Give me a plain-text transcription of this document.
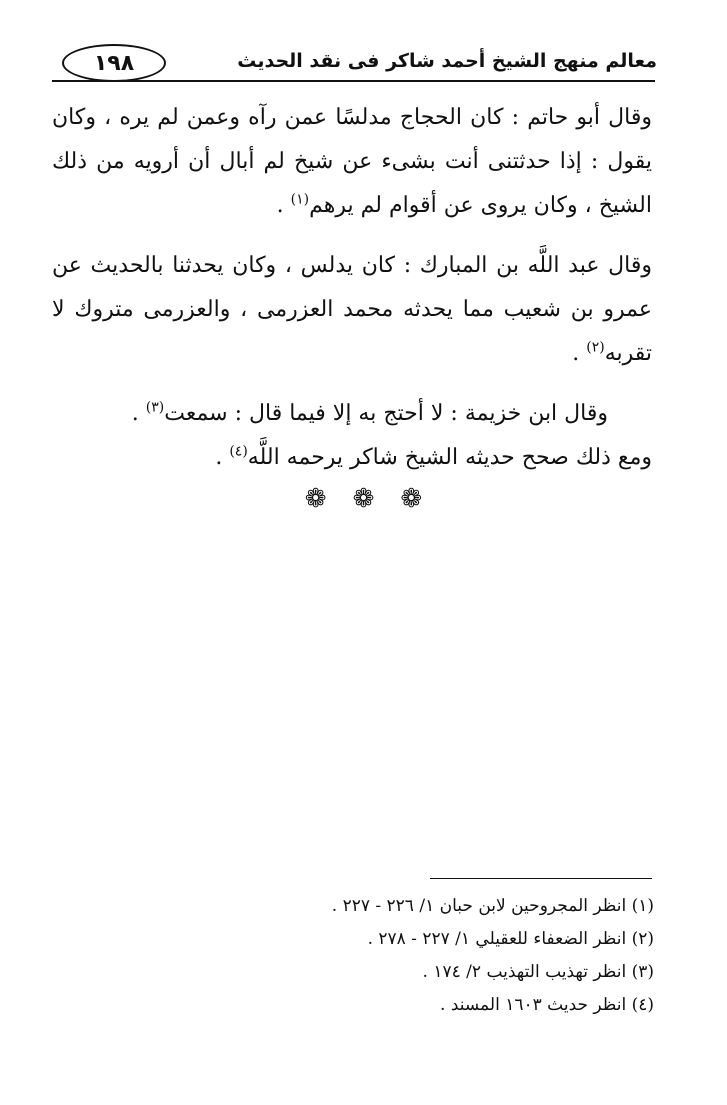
١٩٨	معالم منهج الشيخ أحمد شاكر فى نقد الحديث

وقال أبو حاتم : كان الحجاج مدلسًا عمن رآه وعمن لم يره ، وكان يقول : إذا حدثتنى أنت بشىء عن شيخ لم أبال أن أرويه من ذلك الشيخ ، وكان يروى عن أقوام لم يرهم$^{(١)}$ .

وقال عبد اللَّه بن المبارك : كان يدلس ، وكان يحدثنا بالحديث عن عمرو بن شعيب مما يحدثه محمد العزرمى ، والعزرمى متروك لا تقربه$^{(٢)}$ .

وقال ابن خزيمة : لا أحتج به إلا فيما قال : سمعت$^{(٣)}$ .

ومع ذلك صحح حديثه الشيخ شاكر يرحمه اللَّه$^{(٤)}$ .

❁ ❁ ❁

(١) انظر المجروحين لابن حبان ١/ ٢٢٦ - ٢٢٧ .

(٢) انظر الضعفاء للعقيلي ١/ ٢٢٧ - ٢٧٨ .

(٣) انظر تهذيب التهذيب ٢/ ١٧٤ .

(٤) انظر حديث ١٦٠٣ المسند .
